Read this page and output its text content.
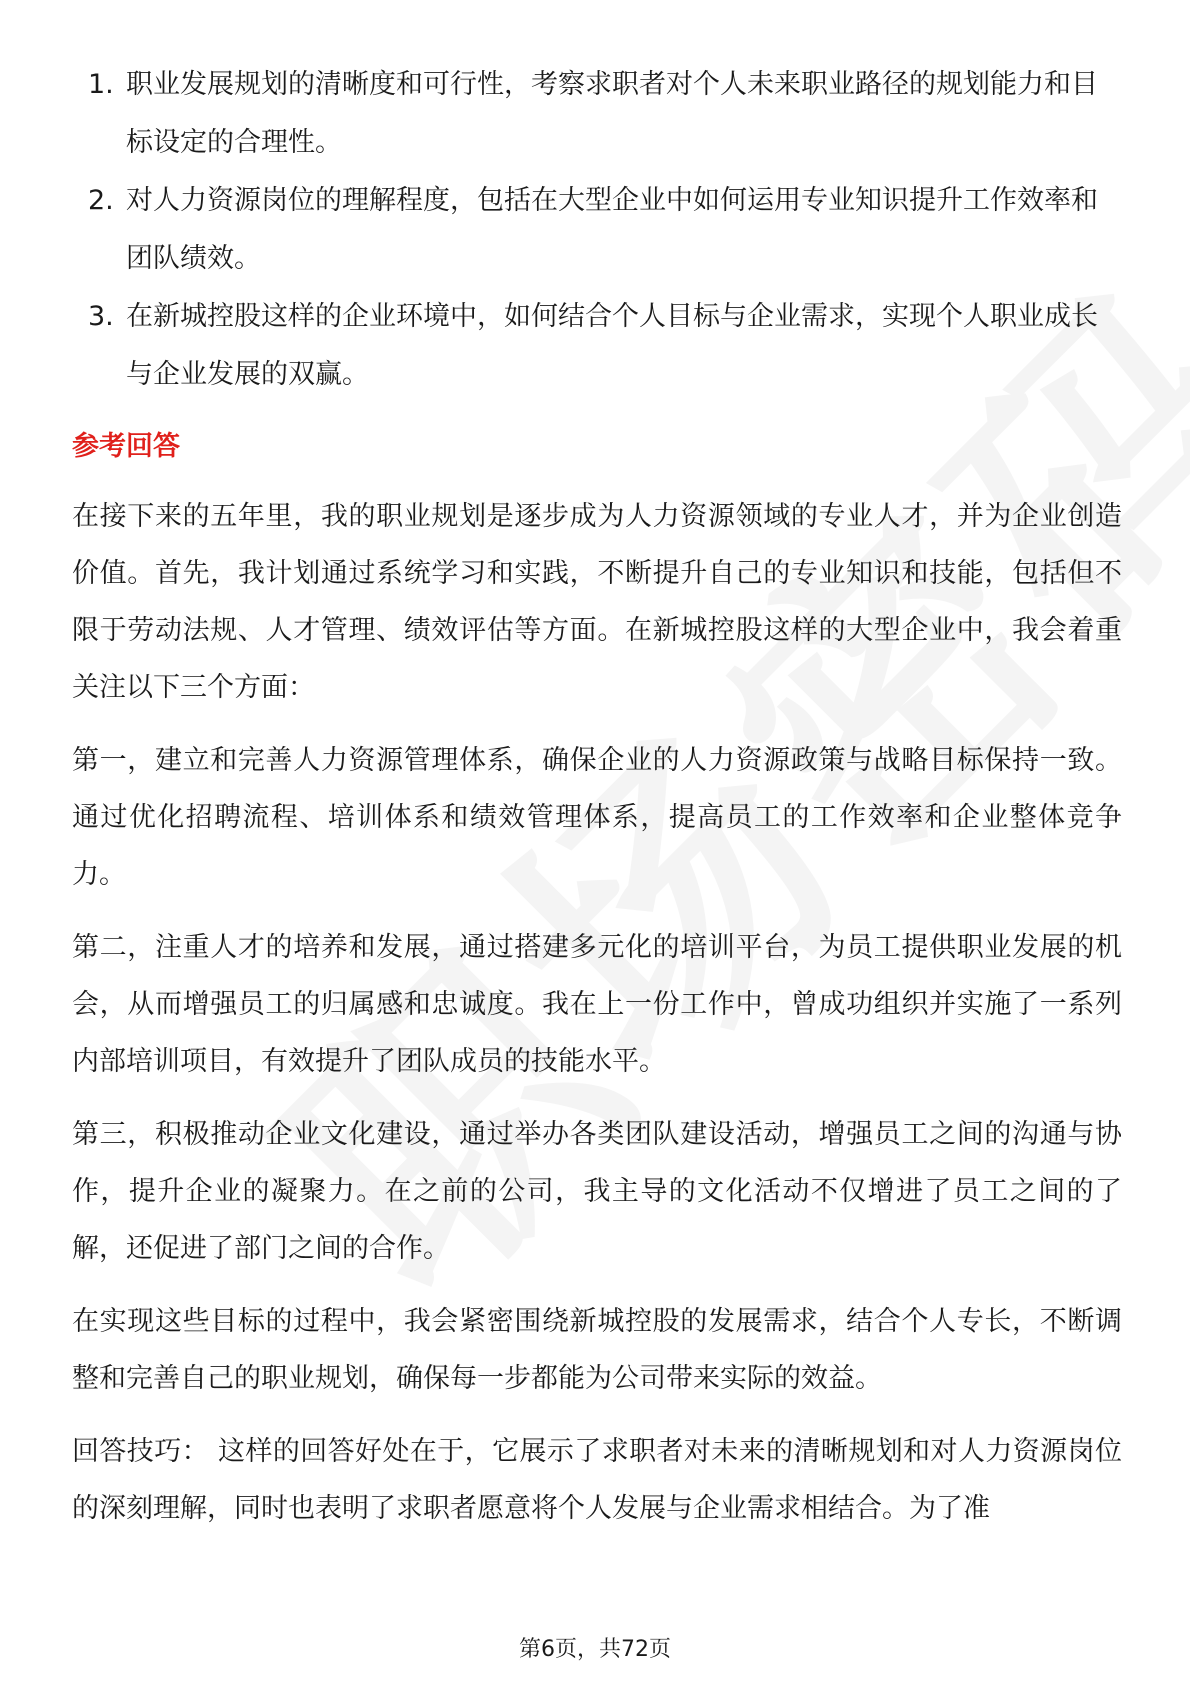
1. 职业发展规划的清晰度和可行性，考察求职者对个人未来职业路径的规划能力和目标设定的合理性。
2. 对人力资源岗位的理解程度，包括在大型企业中如何运用专业知识提升工作效率和团队绩效。
3. 在新城控股这样的企业环境中，如何结合个人目标与企业需求，实现个人职业成长与企业发展的双赢。
参考回答

在接下来的五年里，我的职业规划是逐步成为人力资源领域的专业人才，并为企业创造价值。首先，我计划通过系统学习和实践，不断提升自己的专业知识和技能，包括但不限于劳动法规、人才管理、绩效评估等方面。在新城控股这样的大型企业中，我会着重关注以下三个方面：

第一，建立和完善人力资源管理体系，确保企业的人力资源政策与战略目标保持一致。通过优化招聘流程、培训体系和绩效管理体系，提高员工的工作效率和企业整体竞争力。

第二，注重人才的培养和发展，通过搭建多元化的培训平台，为员工提供职业发展的机会，从而增强员工的归属感和忠诚度。我在上一份工作中，曾成功组织并实施了一系列内部培训项目，有效提升了团队成员的技能水平。

第三，积极推动企业文化建设，通过举办各类团队建设活动，增强员工之间的沟通与协作，提升企业的凝聚力。在之前的公司，我主导的文化活动不仅增进了员工之间的了解，还促进了部门之间的合作。

在实现这些目标的过程中，我会紧密围绕新城控股的发展需求，结合个人专长，不断调整和完善自己的职业规划，确保每一步都能为公司带来实际的效益。

回答技巧： 这样的回答好处在于，它展示了求职者对未来的清晰规划和对人力资源岗位的深刻理解，同时也表明了求职者愿意将个人发展与企业需求相结合。为了准

第6页，共72页
